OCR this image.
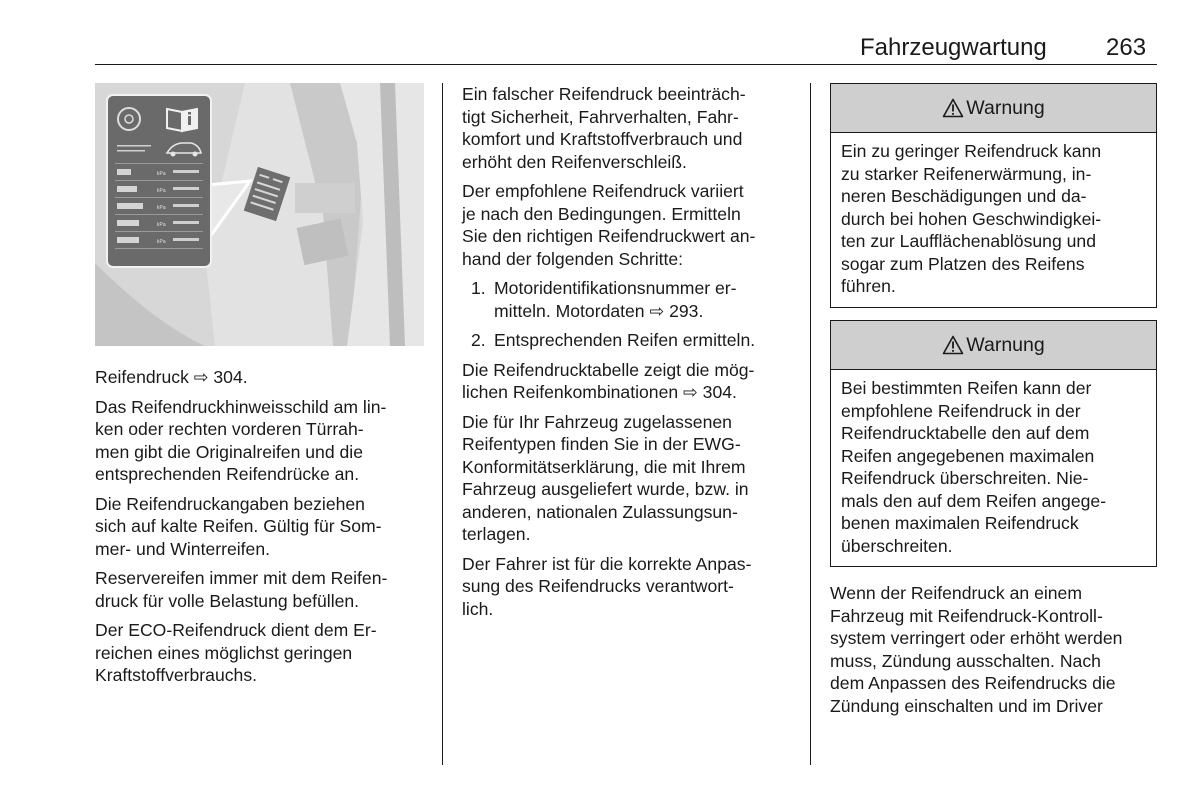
Fahrzeugwartung 263
kPa
kPa
kPa
kPa
kPa

Reifendruck ⇨ 304.

Das Reifendruckhinweisschild am lin-
ken oder rechten vorderen Türrah-
men gibt die Originalreifen und die
entsprechenden Reifendrücke an.

Die Reifendruckangaben beziehen
sich auf kalte Reifen. Gültig für Som-
mer- und Winterreifen.

Reservereifen immer mit dem Reifen-
druck für volle Belastung befüllen.

Der ECO-Reifendruck dient dem Er-
reichen eines möglichst geringen
Kraftstoffverbrauchs.

Ein falscher Reifendruck beeinträch-
tigt Sicherheit, Fahrverhalten, Fahr-
komfort und Kraftstoffverbrauch und
erhöht den Reifenverschleiß.

Der empfohlene Reifendruck variiert
je nach den Bedingungen. Ermitteln
Sie den richtigen Reifendruckwert an-
hand der folgenden Schritte:

1. Motoridentifikationsnummer er-
mitteln. Motordaten ⇨ 293.
2. Entsprechenden Reifen ermitteln.

Die Reifendrucktabelle zeigt die mög-
lichen Reifenkombinationen ⇨ 304.

Die für Ihr Fahrzeug zugelassenen
Reifentypen finden Sie in der EWG-
Konformitätserklärung, die mit Ihrem
Fahrzeug ausgeliefert wurde, bzw. in
anderen, nationalen Zulassungsun-
terlagen.

Der Fahrer ist für die korrekte Anpas-
sung des Reifendrucks verantwort-
lich.

Warnung
Ein zu geringer Reifendruck kann
zu starker Reifenerwärmung, in-
neren Beschädigungen und da-
durch bei hohen Geschwindigkei-
ten zur Laufflächenablösung und
sogar zum Platzen des Reifens
führen.
Warnung
Bei bestimmten Reifen kann der
empfohlene Reifendruck in der
Reifendrucktabelle den auf dem
Reifen angegebenen maximalen
Reifendruck überschreiten. Nie-
mals den auf dem Reifen angege-
benen maximalen Reifendruck
überschreiten.

Wenn der Reifendruck an einem
Fahrzeug mit Reifendruck-Kontroll-
system verringert oder erhöht werden
muss, Zündung ausschalten. Nach
dem Anpassen des Reifendrucks die
Zündung einschalten und im Driver
